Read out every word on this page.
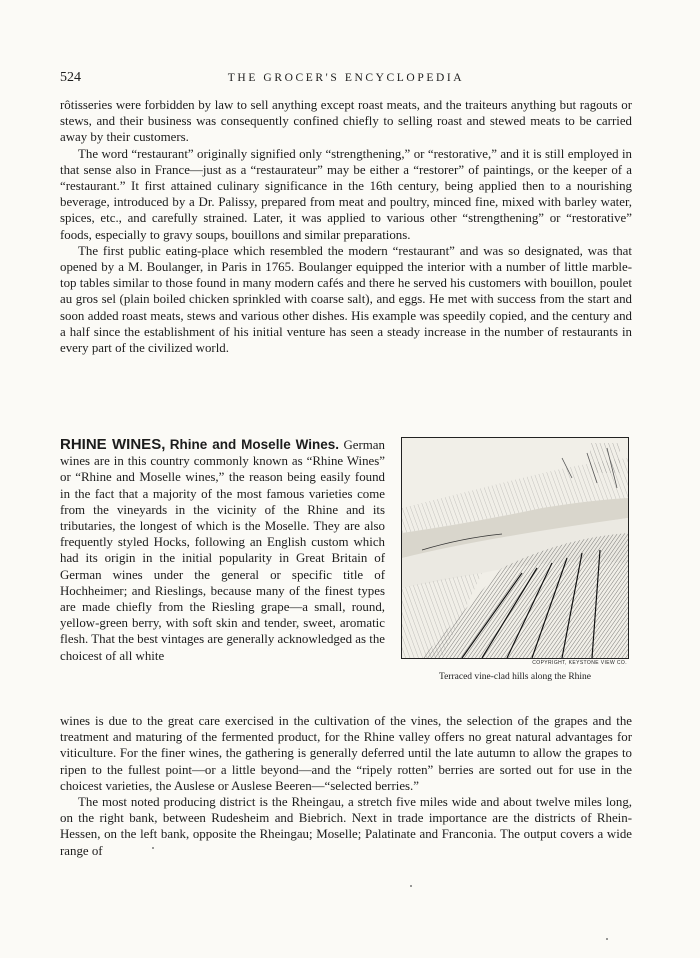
524	THE GROCER'S ENCYCLOPEDIA

rôtisseries were forbidden by law to sell anything except roast meats, and the traiteurs anything but ragouts or stews, and their business was consequently confined chiefly to selling roast and stewed meats to be carried away by their customers.

The word “restaurant” originally signified only “strengthening,” or “restorative,” and it is still employed in that sense also in France—just as a “restaurateur” may be either a “restorer” of paintings, or the keeper of a “restaurant.” It first attained culinary significance in the 16th century, being applied then to a nourishing beverage, introduced by a Dr. Palissy, prepared from meat and poultry, minced fine, mixed with barley water, spices, etc., and carefully strained. Later, it was applied to various other “strengthening” or “restorative” foods, especially to gravy soups, bouillons and similar preparations.

The first public eating-place which resembled the modern “restaurant” and was so designated, was that opened by a M. Boulanger, in Paris in 1765. Boulanger equipped the interior with a number of little marble-top tables similar to those found in many modern cafés and there he served his customers with bouillon, poulet au gros sel (plain boiled chicken sprinkled with coarse salt), and eggs. He met with success from the start and soon added roast meats, stews and various other dishes. His example was speedily copied, and the century and a half since the establishment of his initial venture has seen a steady increase in the number of restaurants in every part of the civilized world.

RHINE WINES, Rhine and Moselle Wines. German wines are in this country commonly known as “Rhine Wines” or “Rhine and Moselle wines,” the reason being easily found in the fact that a majority of the most famous varieties come from the vineyards in the vicinity of the Rhine and its tributaries, the longest of which is the Moselle. They are also frequently styled Hocks, following an English custom which had its origin in the initial popularity in Great Britain of German wines under the general or specific title of Hochheimer; and Rieslings, because many of the finest types are made chiefly from the Riesling grape—a small, round, yellow-green berry, with soft skin and tender, sweet, aromatic flesh. That the best vintages are generally acknowledged as the choicest of all white

COPYRIGHT, KEYSTONE VIEW CO.
Terraced vine-clad hills along the Rhine

wines is due to the great care exercised in the cultivation of the vines, the selection of the grapes and the treatment and maturing of the fermented product, for the Rhine valley offers no great natural advantages for viticulture. For the finer wines, the gathering is generally deferred until the late autumn to allow the grapes to ripen to the fullest point—or a little beyond—and the “ripely rotten” berries are sorted out for use in the choicest varieties, the Auslese or Auslese Beeren—“selected berries.”

The most noted producing district is the Rheingau, a stretch five miles wide and about twelve miles long, on the right bank, between Rudesheim and Biebrich. Next in trade importance are the districts of Rhein-Hessen, on the left bank, opposite the Rheingau; Moselle; Palatinate and Franconia. The output covers a wide range of
